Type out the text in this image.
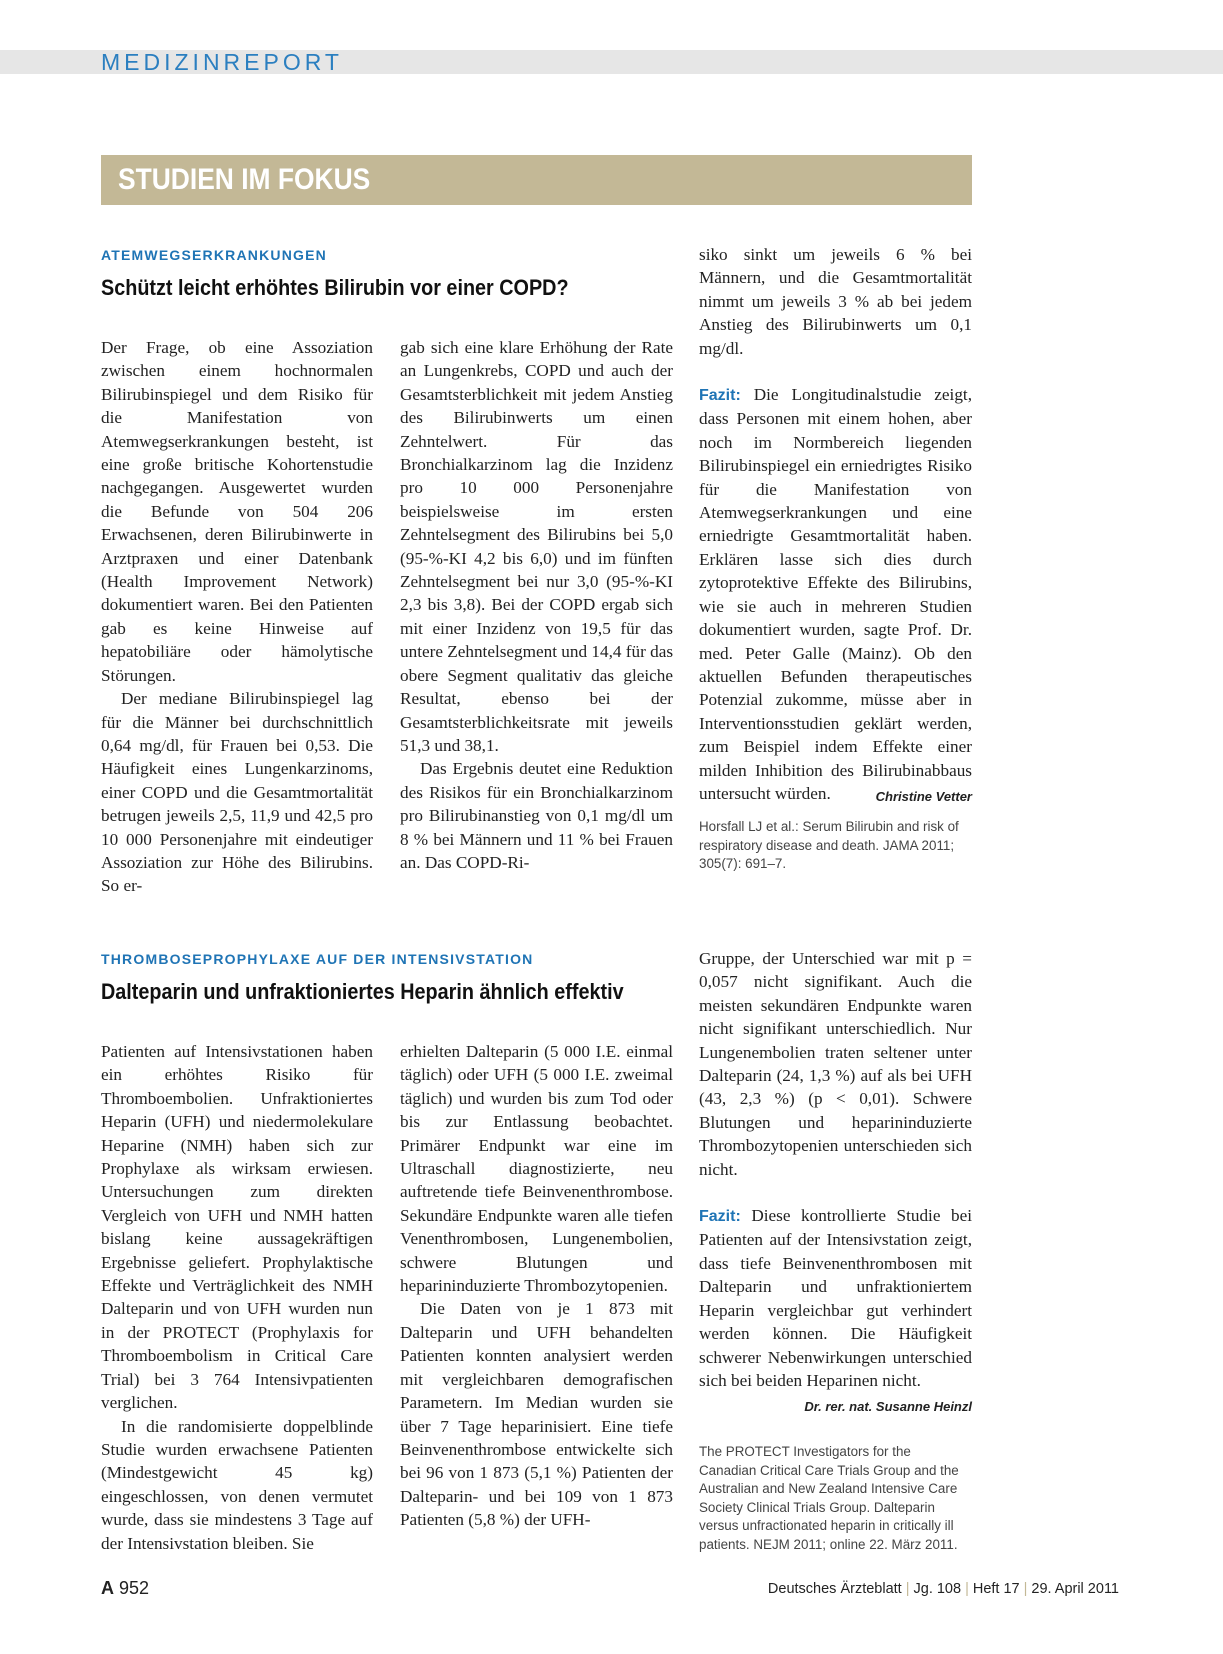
MEDIZINREPORT
STUDIEN IM FOKUS
ATEMWEGSERKRANKUNGEN
Schützt leicht erhöhtes Bilirubin vor einer COPD?

Der Frage, ob eine Assoziation zwischen einem hochnormalen Bilirubinspiegel und dem Risiko für die Manifestation von Atemwegserkrankungen besteht, ist eine große britische Kohortenstudie nachgegangen. Ausgewertet wurden die Befunde von 504 206 Erwachsenen, deren Bilirubinwerte in Arztpraxen und einer Datenbank (Health Improvement Network) dokumentiert waren. Bei den Patienten gab es keine Hinweise auf hepatobiliäre oder hämolytische Störungen.

Der mediane Bilirubinspiegel lag für die Männer bei durchschnittlich 0,64 mg/dl, für Frauen bei 0,53. Die Häufigkeit eines Lungenkarzinoms, einer COPD und die Gesamtmortalität betrugen jeweils 2,5, 11,9 und 42,5 pro 10 000 Personenjahre mit eindeutiger Assoziation zur Höhe des Bilirubins. So er-

gab sich eine klare Erhöhung der Rate an Lungenkrebs, COPD und auch der Gesamtsterblichkeit mit jedem Anstieg des Bilirubinwerts um einen Zehntelwert. Für das Bronchialkarzinom lag die Inzidenz pro 10 000 Personenjahre beispielsweise im ersten Zehntelsegment des Bilirubins bei 5,0 (95-%-KI 4,2 bis 6,0) und im fünften Zehntelsegment bei nur 3,0 (95-%-KI 2,3 bis 3,8). Bei der COPD ergab sich mit einer Inzidenz von 19,5 für das untere Zehntelsegment und 14,4 für das obere Segment qualitativ das gleiche Resultat, ebenso bei der Gesamtsterblichkeitsrate mit jeweils 51,3 und 38,1.

Das Ergebnis deutet eine Reduktion des Risikos für ein Bronchialkarzinom pro Bilirubinanstieg von 0,1 mg/dl um 8 % bei Männern und 11 % bei Frauen an. Das COPD-Ri-

siko sinkt um jeweils 6 % bei Männern, und die Gesamtmortalität nimmt um jeweils 3 % ab bei jedem Anstieg des Bilirubinwerts um 0,1 mg/dl.

Fazit: Die Longitudinalstudie zeigt, dass Personen mit einem hohen, aber noch im Normbereich liegenden Bilirubinspiegel ein erniedrigtes Risiko für die Manifestation von Atemwegserkrankungen und eine erniedrigte Gesamtmortalität haben. Erklären lasse sich dies durch zytoprotektive Effekte des Bilirubins, wie sie auch in mehreren Studien dokumentiert wurden, sagte Prof. Dr. med. Peter Galle (Mainz). Ob den aktuellen Befunden therapeutisches Potenzial zukomme, müsse aber in Interventionsstudien geklärt werden, zum Beispiel indem Effekte einer milden Inhibition des Bilirubinabbaus untersucht würden.	Christine Vetter

Horsfall LJ et al.: Serum Bilirubin and risk of respiratory disease and death. JAMA 2011; 305(7): 691–7.
THROMBOSEPROPHYLAXE AUF DER INTENSIVSTATION
Dalteparin und unfraktioniertes Heparin ähnlich effektiv

Patienten auf Intensivstationen haben ein erhöhtes Risiko für Thromboembolien. Unfraktioniertes Heparin (UFH) und niedermolekulare Heparine (NMH) haben sich zur Prophylaxe als wirksam erwiesen. Untersuchungen zum direkten Vergleich von UFH und NMH hatten bislang keine aussagekräftigen Ergebnisse geliefert. Prophylaktische Effekte und Verträglichkeit des NMH Dalteparin und von UFH wurden nun in der PROTECT (Prophylaxis for Thromboembolism in Critical Care Trial) bei 3 764 Intensivpatienten verglichen.

In die randomisierte doppelblinde Studie wurden erwachsene Patienten (Mindestgewicht 45 kg) eingeschlossen, von denen vermutet wurde, dass sie mindestens 3 Tage auf der Intensivstation bleiben. Sie

erhielten Dalteparin (5 000 I.E. einmal täglich) oder UFH (5 000 I.E. zweimal täglich) und wurden bis zum Tod oder bis zur Entlassung beobachtet. Primärer Endpunkt war eine im Ultraschall diagnostizierte, neu auftretende tiefe Beinvenenthrombose. Sekundäre Endpunkte waren alle tiefen Venenthrombosen, Lungenembolien, schwere Blutungen und heparininduzierte Thrombozytopenien.

Die Daten von je 1 873 mit Dalteparin und UFH behandelten Patienten konnten analysiert werden mit vergleichbaren demografischen Parametern. Im Median wurden sie über 7 Tage heparinisiert. Eine tiefe Beinvenenthrombose entwickelte sich bei 96 von 1 873 (5,1 %) Patienten der Dalteparin- und bei 109 von 1 873 Patienten (5,8 %) der UFH-

Gruppe, der Unterschied war mit p = 0,057 nicht signifikant. Auch die meisten sekundären Endpunkte waren nicht signifikant unterschiedlich. Nur Lungenembolien traten seltener unter Dalteparin (24, 1,3 %) auf als bei UFH (43, 2,3 %) (p < 0,01). Schwere Blutungen und heparininduzierte Thrombozytopenien unterschieden sich nicht.

Fazit: Diese kontrollierte Studie bei Patienten auf der Intensivstation zeigt, dass tiefe Beinvenenthrombosen mit Dalteparin und unfraktioniertem Heparin vergleichbar gut verhindert werden können. Die Häufigkeit schwerer Nebenwirkungen unterschied sich bei beiden Heparinen nicht.
Dr. rer. nat. Susanne Heinzl

The PROTECT Investigators for the Canadian Critical Care Trials Group and the Australian and New Zealand Intensive Care Society Clinical Trials Group. Dalteparin versus unfractionated heparin in critically ill patients. NEJM 2011; online 22. März 2011.
A 952	Deutsches Ärzteblatt | Jg. 108 | Heft 17 | 29. April 2011
